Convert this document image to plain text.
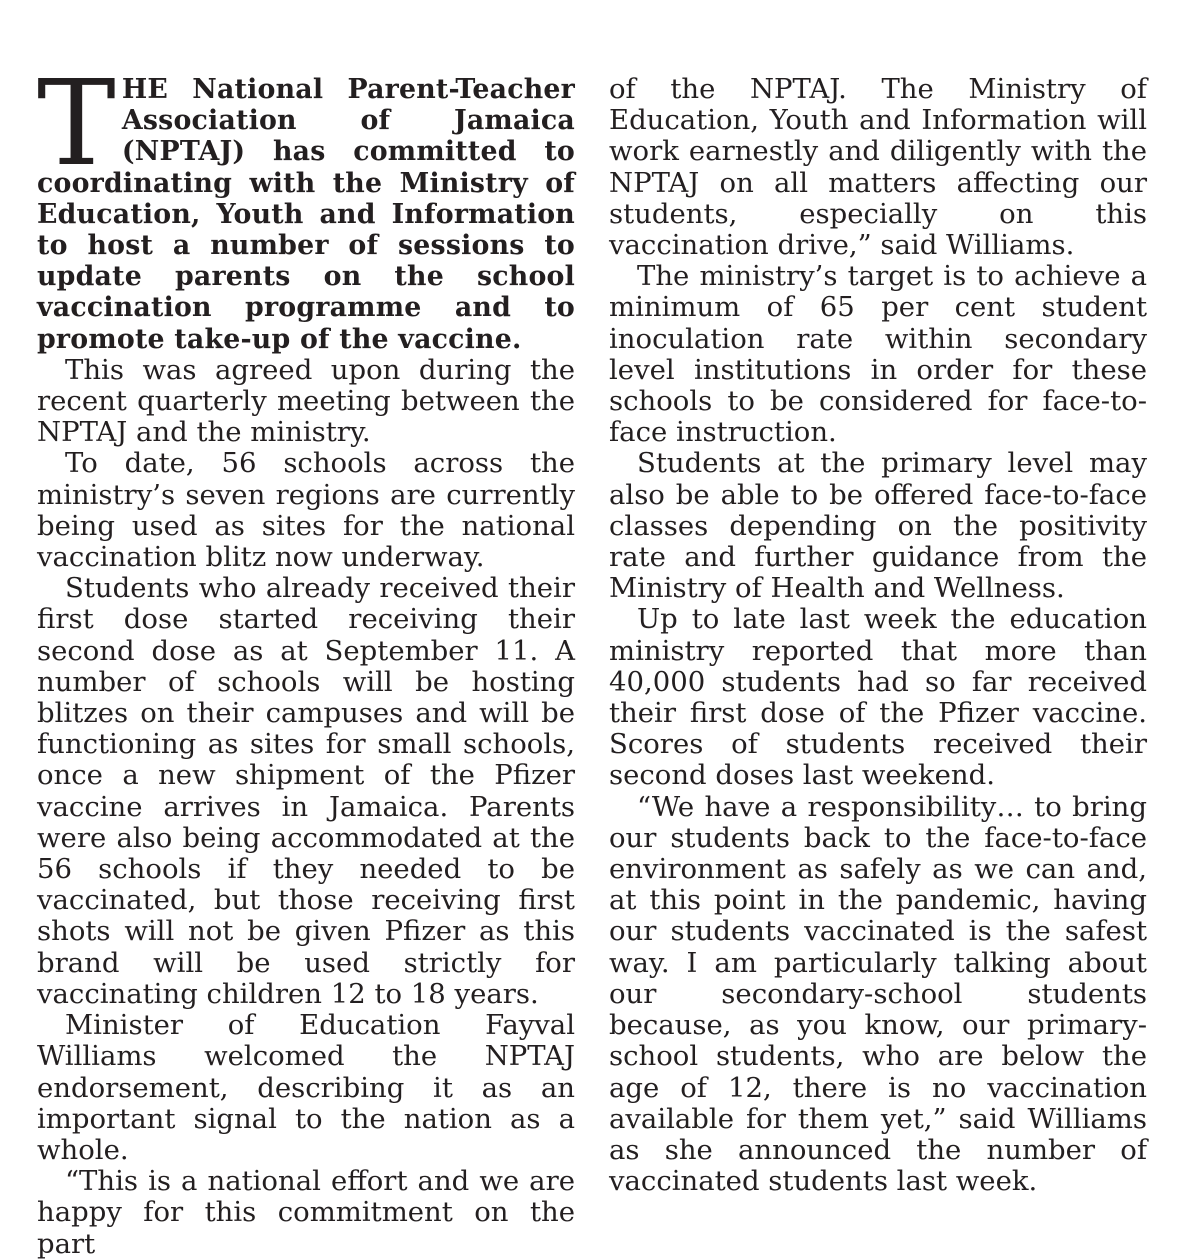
THE National Parent-Teacher Association of Jamaica (NPTAJ) has committed to coordinating with the Ministry of Education, Youth and Information to host a number of sessions to update parents on the school vaccination programme and to promote take-up of the vaccine.

This was agreed upon during the recent quarterly meeting between the NPTAJ and the ministry.

To date, 56 schools across the ministry’s seven regions are currently being used as sites for the national vaccination blitz now underway.

Students who already received their first dose started receiving their second dose as at September 11. A number of schools will be hosting blitzes on their campuses and will be functioning as sites for small schools, once a new shipment of the Pfizer vaccine arrives in Jamaica. Parents were also being accommodated at the 56 schools if they needed to be vaccinated, but those receiving first shots will not be given Pfizer as this brand will be used strictly for vaccinating children 12 to 18 years.

Minister of Education Fayval Williams welcomed the NPTAJ endorsement, describing it as an important signal to the nation as a whole.

“This is a national effort and we are happy for this commitment on the part

of the NPTAJ. The Ministry of Education, Youth and Information will work earnestly and diligently with the NPTAJ on all matters affecting our students, especially on this vaccination drive,” said Williams.

The ministry’s target is to achieve a minimum of 65 per cent student inoculation rate within secondary level institutions in order for these schools to be considered for face-to-face instruction.

Students at the primary level may also be able to be offered face-to-face classes depending on the positivity rate and further guidance from the Ministry of Health and Wellness.

Up to late last week the education ministry reported that more than 40,000 students had so far received their first dose of the Pfizer vaccine. Scores of students received their second doses last weekend.

“We have a responsibility… to bring our students back to the face-to-face environment as safely as we can and, at this point in the pandemic, having our students vaccinated is the safest way. I am particularly talking about our secondary-school students because, as you know, our primary-school students, who are below the age of 12, there is no vaccination available for them yet,” said Williams as she announced the number of vaccinated students last week.
